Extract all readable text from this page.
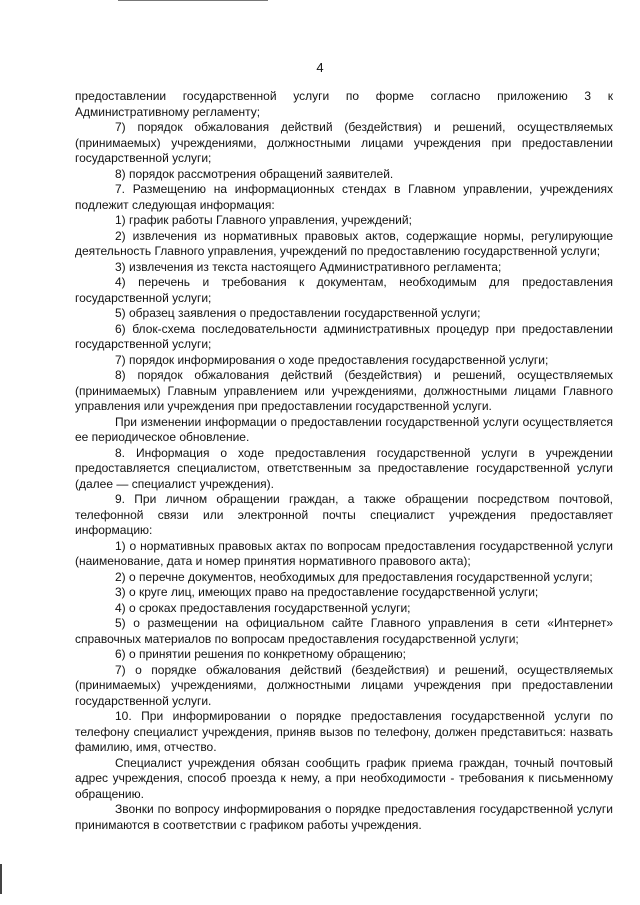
4

предоставлении государственной услуги по форме согласно приложению 3 к Административному регламенту;

7) порядок обжалования действий (бездействия) и решений, осуществляемых (принимаемых) учреждениями, должностными лицами учреждения при предоставлении государственной услуги;

8) порядок рассмотрения обращений заявителей.

7. Размещению на информационных стендах в Главном управлении, учреждениях подлежит следующая информация:

1) график работы Главного управления, учреждений;

2) извлечения из нормативных правовых актов, содержащие нормы, регулирующие деятельность Главного управления, учреждений по предоставлению государственной услуги;

3) извлечения из текста настоящего Административного регламента;

4) перечень и требования к документам, необходимым для предоставления государственной услуги;

5) образец заявления о предоставлении государственной услуги;

6) блок-схема последовательности административных процедур при предоставлении государственной услуги;

7) порядок информирования о ходе предоставления государственной услуги;

8) порядок обжалования действий (бездействия) и решений, осуществляемых (принимаемых) Главным управлением или учреждениями, должностными лицами Главного управления или учреждения при предоставлении государственной услуги.

При изменении информации о предоставлении государственной услуги осуществляется ее периодическое обновление.

8. Информация о ходе предоставления государственной услуги в учреждении предоставляется специалистом, ответственным за предоставление государственной услуги (далее — специалист учреждения).

9. При личном обращении граждан, а также обращении посредством почтовой, телефонной связи или электронной почты специалист учреждения предоставляет информацию:

1) о нормативных правовых актах по вопросам предоставления государственной услуги (наименование, дата и номер принятия нормативного правового акта);

2) о перечне документов, необходимых для предоставления государственной услуги;

3) о круге лиц, имеющих право на предоставление государственной услуги;

4) о сроках предоставления государственной услуги;

5) о размещении на официальном сайте Главного управления в сети «Интернет» справочных материалов по вопросам предоставления государственной услуги;

6) о принятии решения по конкретному обращению;

7) о порядке обжалования действий (бездействия) и решений, осуществляемых (принимаемых) учреждениями, должностными лицами учреждения при предоставлении государственной услуги.

10. При информировании о порядке предоставления государственной услуги по телефону специалист учреждения, приняв вызов по телефону, должен представиться: назвать фамилию, имя, отчество.

Специалист учреждения обязан сообщить график приема граждан, точный почтовый адрес учреждения, способ проезда к нему, а при необходимости - требования к письменному обращению.

Звонки по вопросу информирования о порядке предоставления государственной услуги принимаются в соответствии с графиком работы учреждения.
